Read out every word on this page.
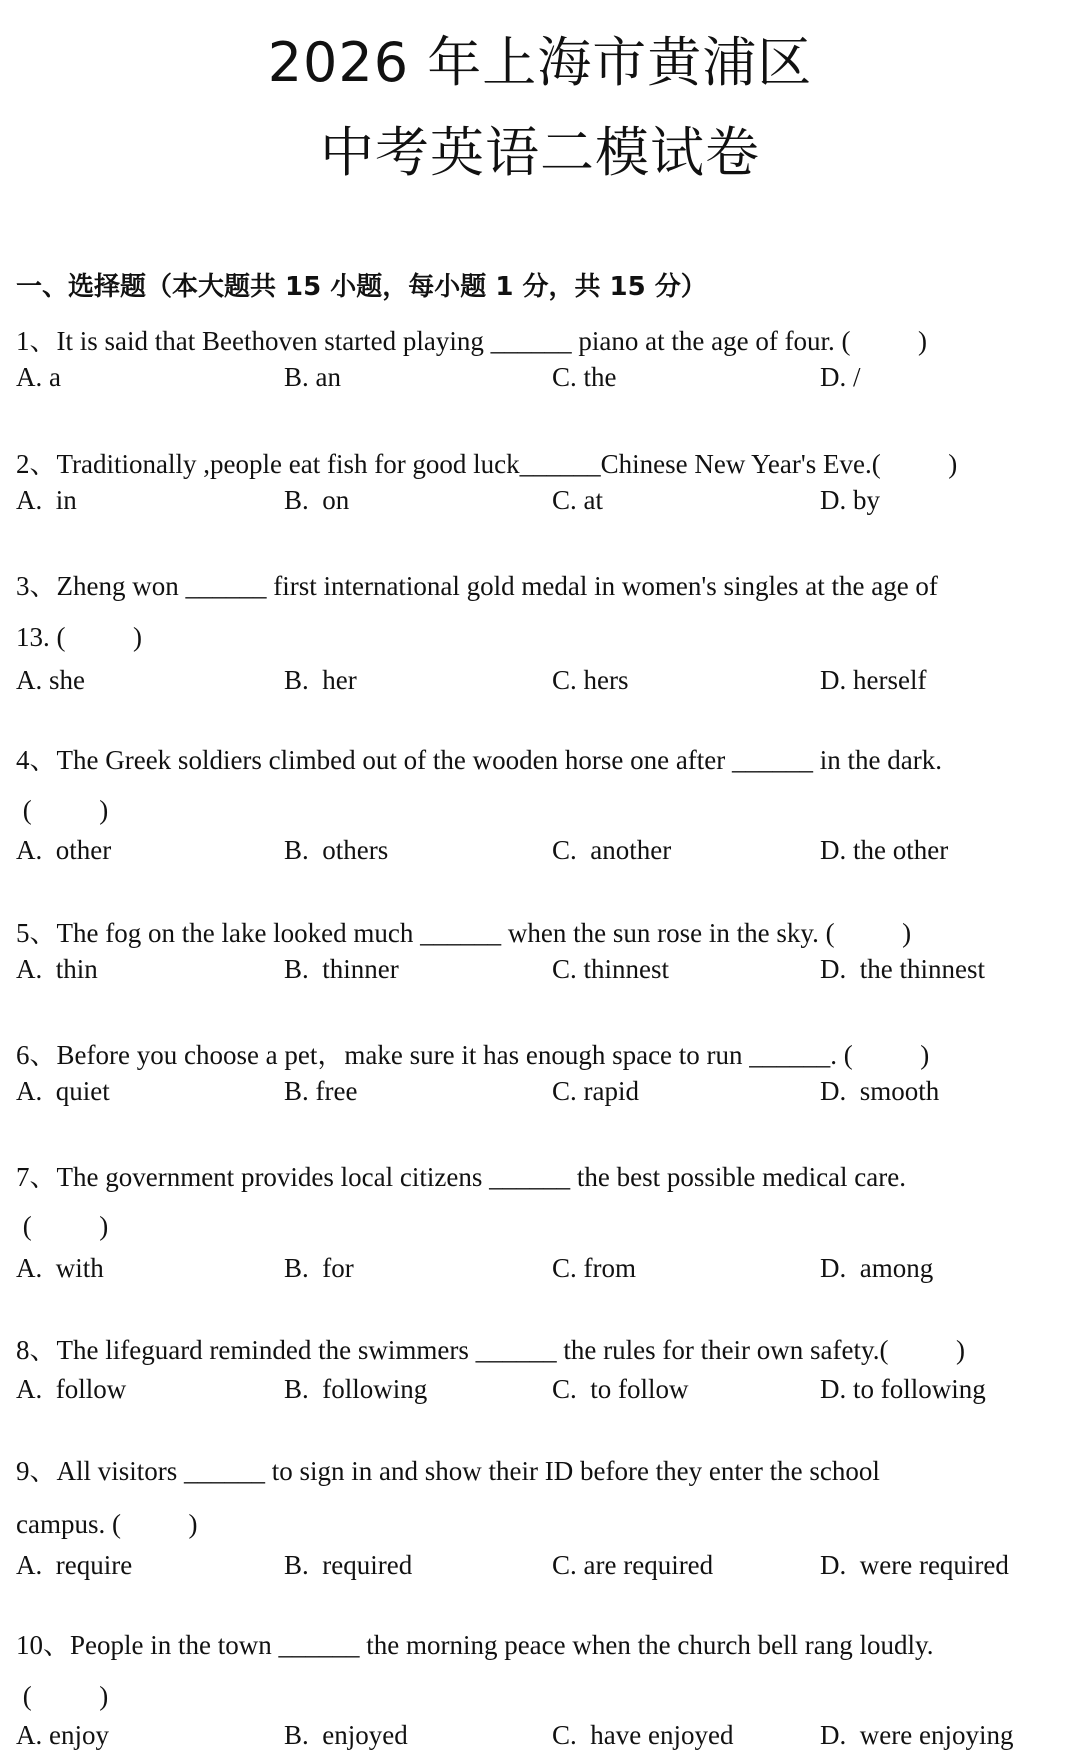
2026 年上海市黄浦区
中考英语二模试卷
一、选择题（本大题共 15 小题，每小题 1 分，共 15 分）
1、It is said that Beethoven started playing ______ piano at the age of four. (          )
A. a	B. an	C. the	D. /
2、Traditionally ,people eat fish for good luck______Chinese New Year's Eve.(          )
A.  in	B.  on	C. at	D. by
3、Zheng won ______ first international gold medal in women's singles at the age of
13. (          )
A. she	B.  her	C. hers	D. herself
4、The Greek soldiers climbed out of the wooden horse one after ______ in the dark.
(          )
A.  other	B.  others	C.  another	D. the other
5、The fog on the lake looked much ______ when the sun rose in the sky. (          )
A.  thin	B.  thinner	C. thinnest	D.  the thinnest
6、Before you choose a pet，make sure it has enough space to run ______. (          )
A.  quiet	B. free	C. rapid	D.  smooth
7、The government provides local citizens ______ the best possible medical care.
(          )
A.  with	B.  for	C. from	D.  among
8、The lifeguard reminded the swimmers ______ the rules for their own safety.(          )
A.  follow	B.  following	C.  to follow	D. to following
9、All visitors ______ to sign in and show their ID before they enter the school
campus. (          )
A.  require	B.  required	C. are required	D.  were required
10、People in the town ______ the morning peace when the church bell rang loudly.
(          )
A. enjoy	B.  enjoyed	C.  have enjoyed	D.  were enjoying
